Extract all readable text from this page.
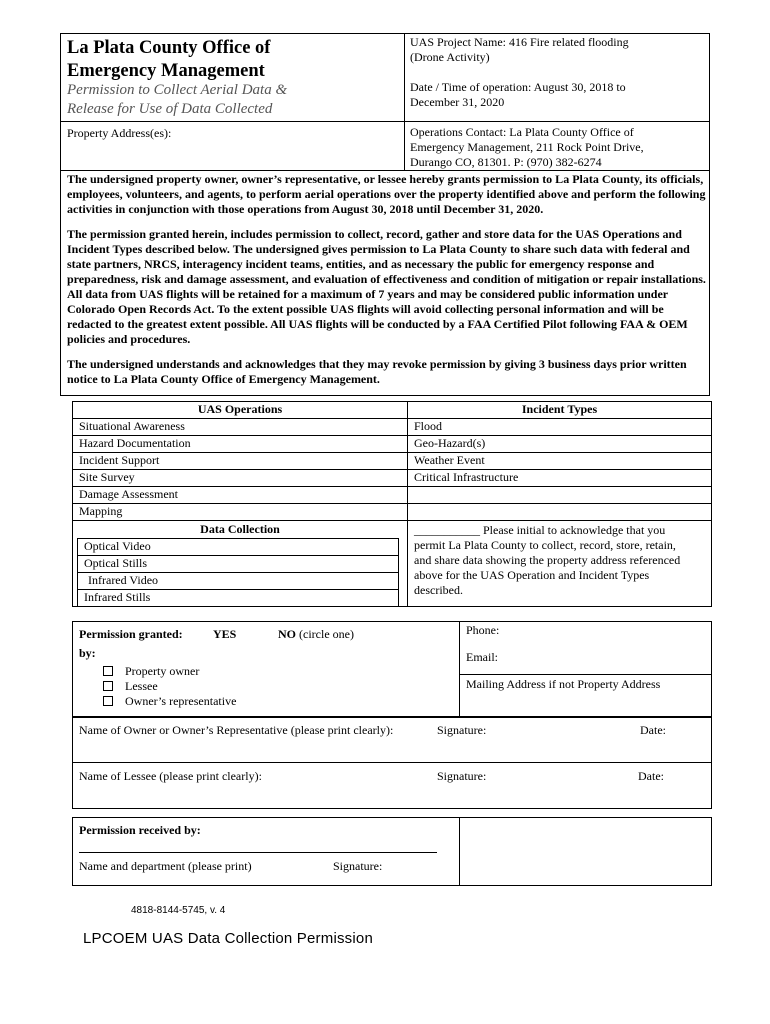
La Plata County Office of
Emergency Management
Permission to Collect Aerial Data &
Release for Use of Data Collected
UAS Project Name: 416 Fire related flooding
(Drone Activity)
Date / Time of operation: August 30, 2018 to
December 31, 2020
Property Address(es):	Operations Contact: La Plata County Office of
Emergency Management, 211 Rock Point Drive,
Durango CO, 81301. P: (970) 382-6274

The undersigned property owner, owner’s representative, or lessee hereby grants permission to La Plata County, its officials, employees, volunteers, and agents, to perform aerial operations over the property identified above and perform the following activities in conjunction with those operations from August 30, 2018 until December 31, 2020.

The permission granted herein, includes permission to collect, record, gather and store data for the UAS Operations and Incident Types described below. The undersigned gives permission to La Plata County to share such data with federal and state partners, NRCS, interagency incident teams, entities, and as necessary the public for emergency response and preparedness, risk and damage assessment, and evaluation of effectiveness and condition of mitigation or repair installations. All data from UAS flights will be retained for a maximum of 7 years and may be considered public information under Colorado Open Records Act. To the extent possible UAS flights will avoid collecting personal information and will be redacted to the greatest extent possible. All UAS flights will be conducted by a FAA Certified Pilot following FAA & OEM policies and procedures.

The undersigned understands and acknowledges that they may revoke permission by giving 3 business days prior written notice to La Plata County Office of Emergency Management.

UAS Operations	Incident Types
Situational Awareness	Flood
Hazard Documentation	Geo-Hazard(s)
Incident Support	Weather Event
Site Survey	Critical Infrastructure
Damage Assessment	
Mapping	

Data Collection
Optical Video
Optical Stills
Infrared Video
Infrared Stills

___________ Please initial to acknowledge that you
permit La Plata County to collect, record, store, retain,
and share data showing the property address referenced
above for the UAS Operation and Incident Types
described.
Permission granted:	YES	NO (circle one)
by:
Property owner
Lessee
Owner’s representative
Phone:
Email:
Mailing Address if not Property Address
Name of Owner or Owner’s Representative (please print clearly):	Signature:	Date:
Name of Lessee (please print clearly):	Signature:	Date:
Permission received by:
Name and department (please print)	Signature:
4818-8144-5745, v. 4
LPCOEM UAS Data Collection Permission
